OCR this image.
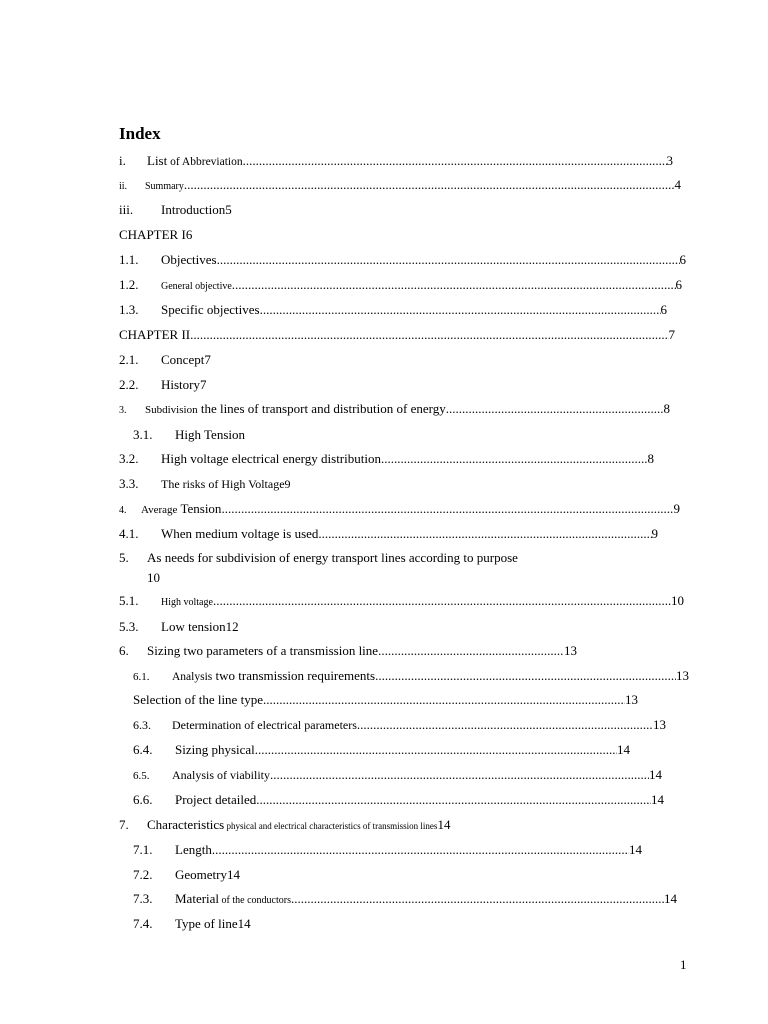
Index
i.	List of Abbreviation .....	3
ii.	Summary .....	4
iii.	Introduction 5
CHAPTER I 6
1.1.	Objectives .....	6
1.2.	General objective .....	6
1.3.	Specific objectives .....	6
CHAPTER II .....	7
2.1.	Concept 7
2.2.	History 7
3.	Subdivision the lines of transport and distribution of energy .....	8
3.1.	High Tension
3.2.	High voltage electrical energy distribution .....	8
3.3.	The risks of High Voltage 9
4.	Average Tension .....	9
4.1.	When medium voltage is used .....	9
5.	As needs for subdivision of energy transport lines according to purpose
10
5.1.	High voltage .....	10
5.3.	Low tension 12
6.	Sizing two parameters of a transmission line .....	13
6.1.	Analysis two transmission requirements .....	13
Selection of the line type .....	13
6.3.	Determination of electrical parameters .....	13
6.4.	Sizing physical .....	14
6.5.	Analysis of viability .....	14
6.6.	Project detailed .....	14
7.	Characteristics physical and electrical characteristics of transmission lines 14
7.1.	Length .....	14
7.2.	Geometry 14
7.3.	Material of the conductors .....	14
7.4.	Type of line 14
1
